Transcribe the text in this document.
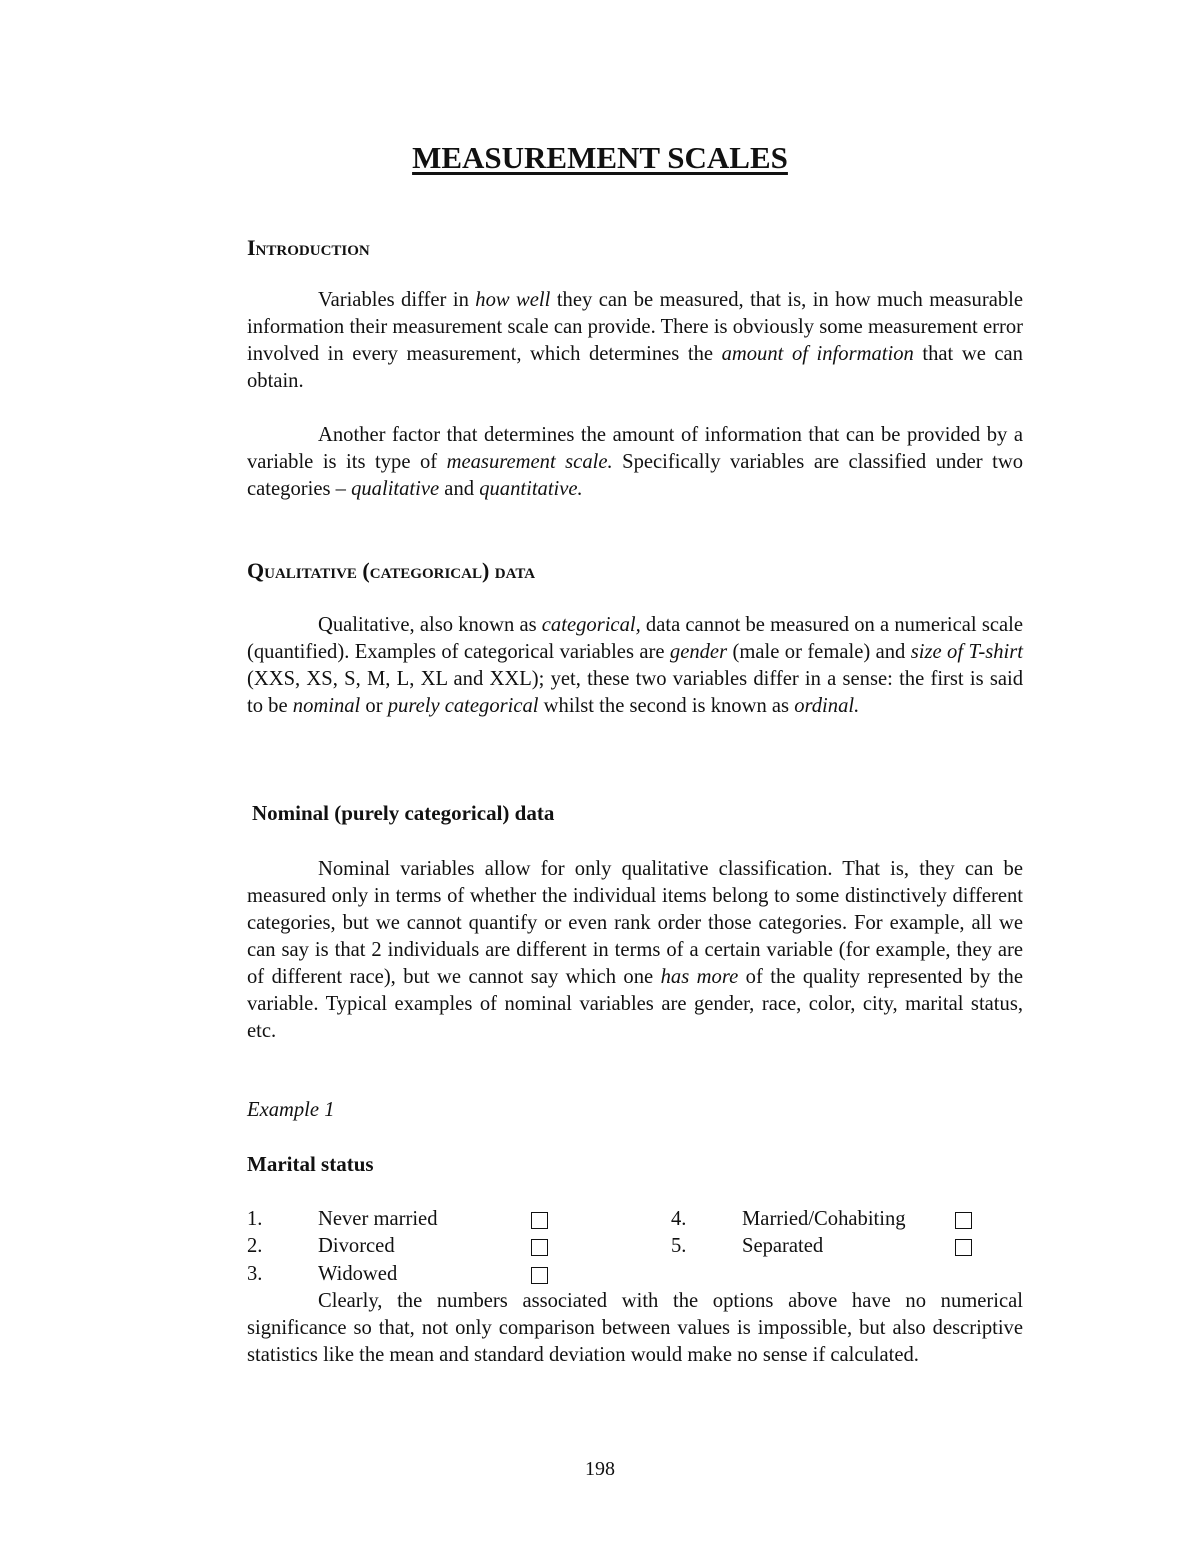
MEASUREMENT SCALES
Introduction

Variables differ in how well they can be measured, that is, in how much measurable information their measurement scale can provide. There is obviously some measurement error involved in every measurement, which determines the amount of information that we can obtain.

Another factor that determines the amount of information that can be provided by a variable is its type of measurement scale. Specifically variables are classified under two categories – qualitative and quantitative.

Qualitative (categorical) data

Qualitative, also known as categorical, data cannot be measured on a numerical scale (quantified). Examples of categorical variables are gender (male or female) and size of T-shirt (XXS, XS, S, M, L, XL and XXL); yet, these two variables differ in a sense: the first is said to be nominal or purely categorical whilst the second is known as ordinal.

Nominal (purely categorical) data

Nominal variables allow for only qualitative classification. That is, they can be measured only in terms of whether the individual items belong to some distinctively different categories, but we cannot quantify or even rank order those categories. For example, all we can say is that 2 individuals are different in terms of a certain variable (for example, they are of different race), but we cannot say which one has more of the quality represented by the variable. Typical examples of nominal variables are gender, race, color, city, marital status, etc.

Example 1
Marital status
1.	Never married
2.	Divorced
3.	Widowed
4.	Married/Cohabiting
5.	Separated

Clearly, the numbers associated with the options above have no numerical significance so that, not only comparison between values is impossible, but also descriptive statistics like the mean and standard deviation would make no sense if calculated.

198
